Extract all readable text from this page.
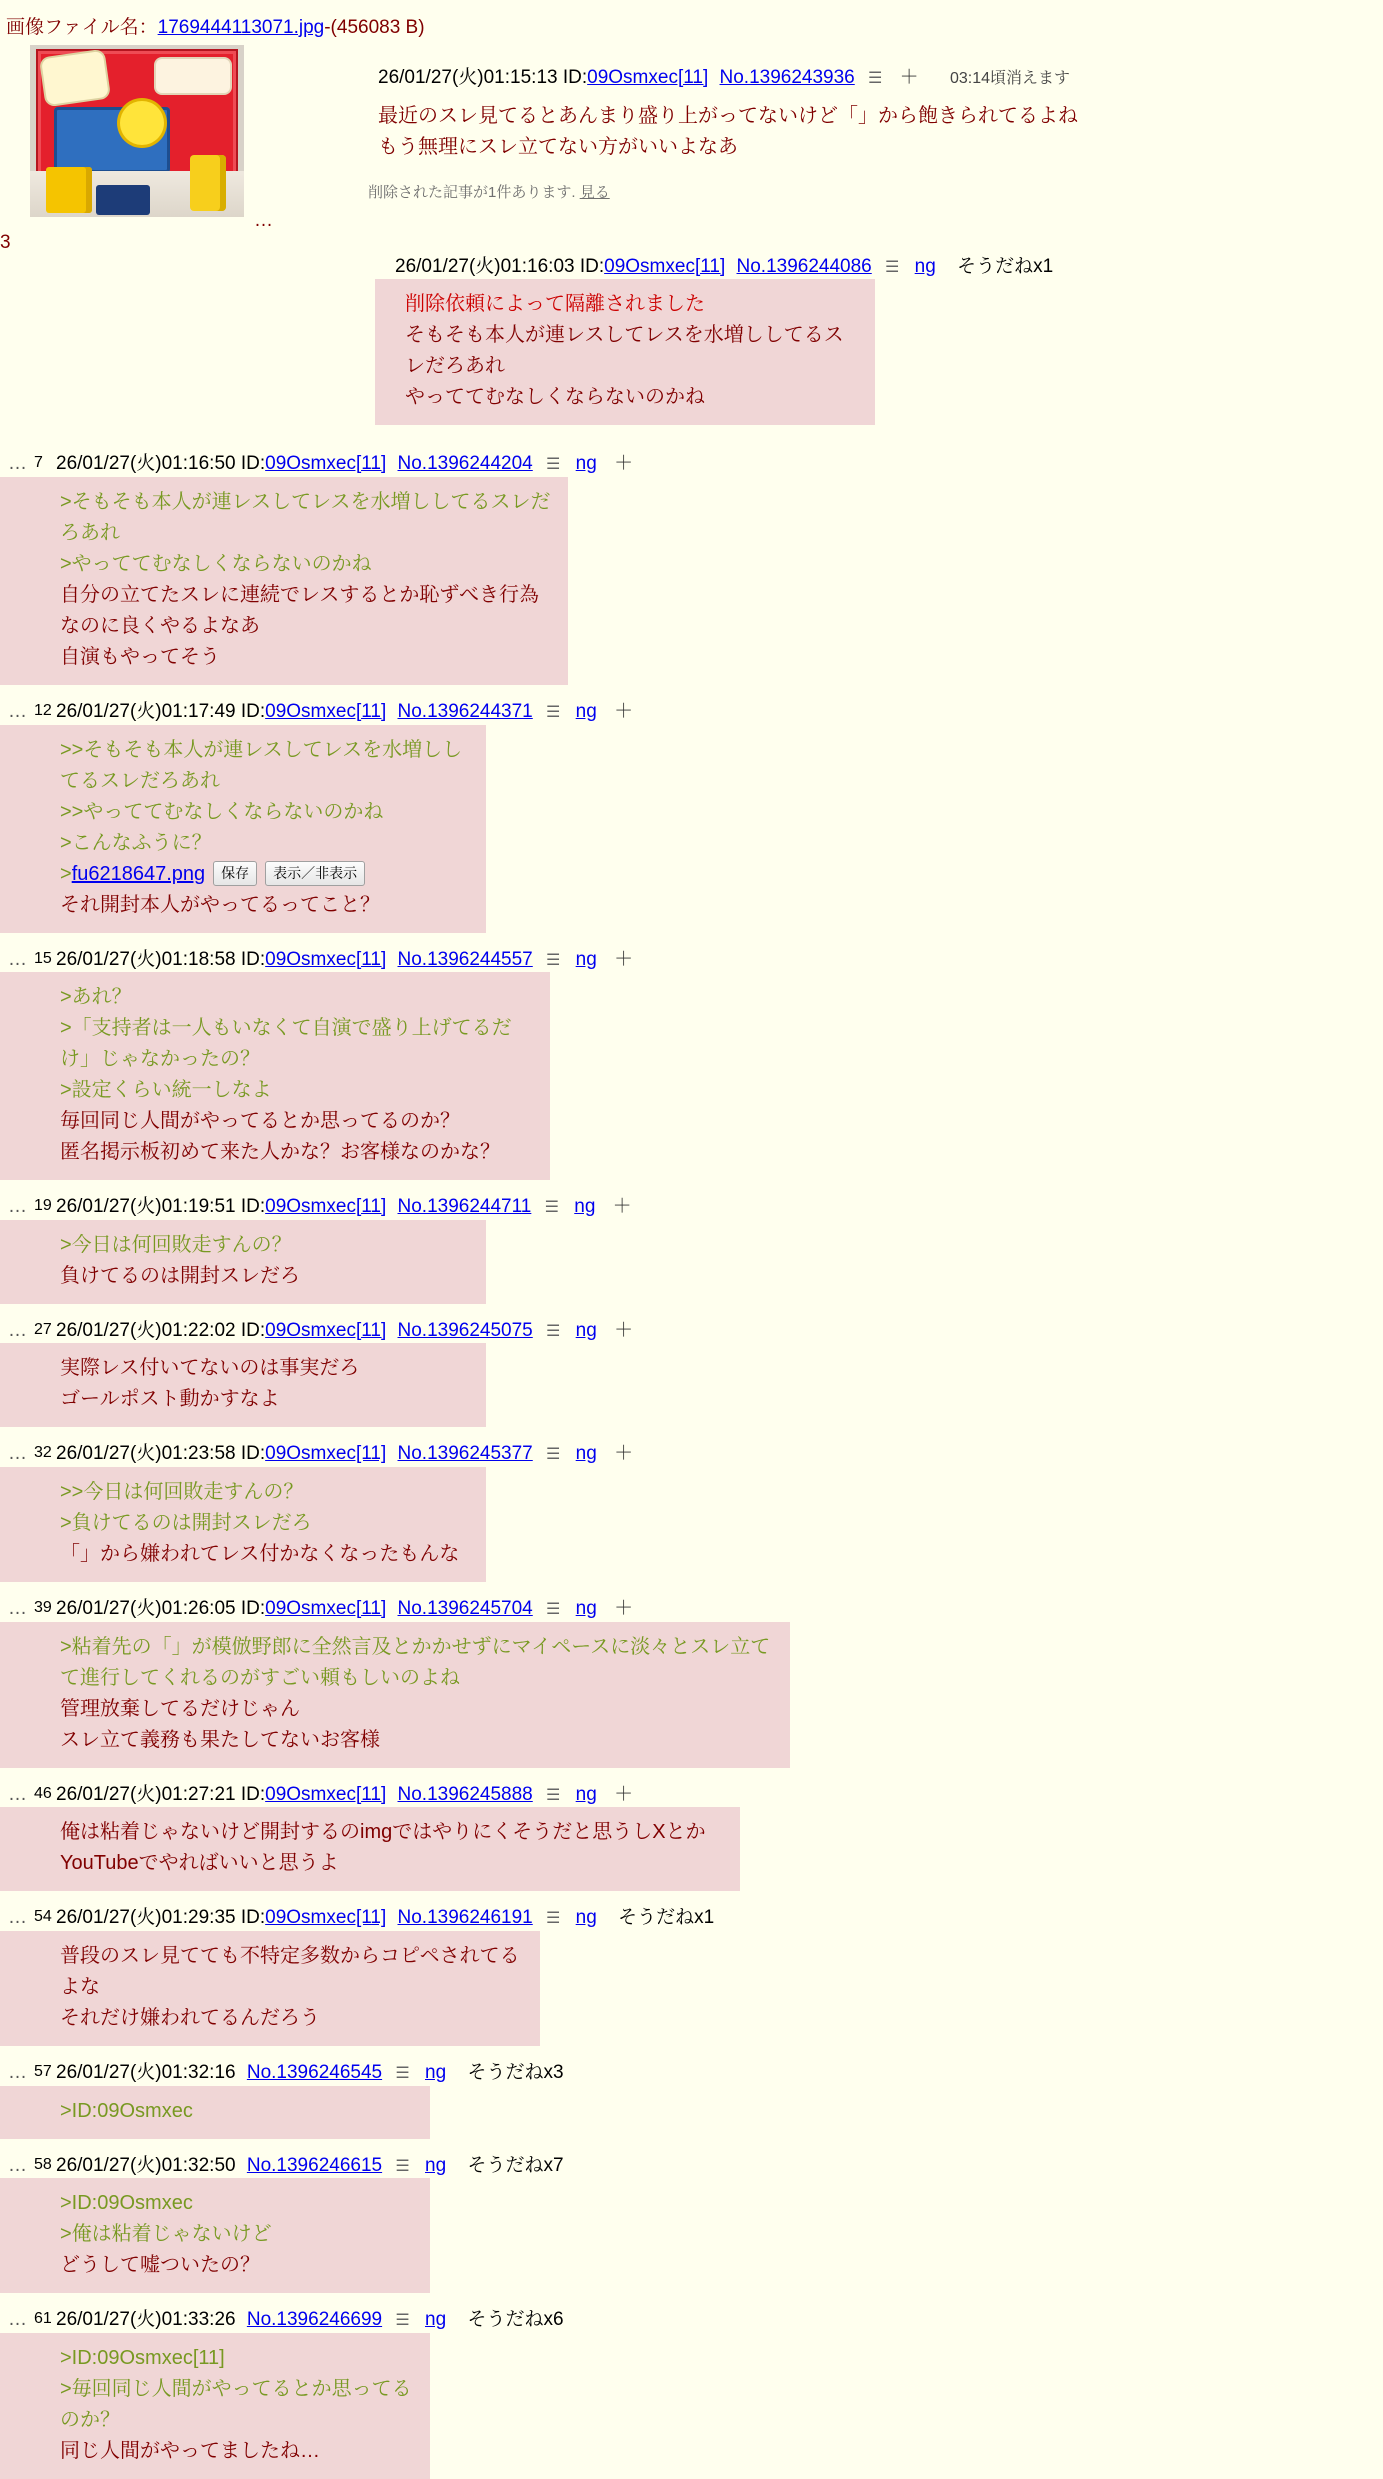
画像ファイル名：1769444113071.jpg-(456083 B)
26/01/27(火)01:15:13 ID:09Osmxec[11] No.1396243936 ☰ ＋ 03:14頃消えます
最近のスレ見てるとあんまり盛り上がってないけど「」から飽きられてるよね
もう無理にスレ立てない方がいいよなあ
削除された記事が1件あります. 見る
…
3
26/01/27(火)01:16:03 ID:09Osmxec[11] No.1396244086 ☰ ng そうだねx1
削除依頼によって隔離されました
そもそも本人が連レスしてレスを水増ししてるスレだろあれ
やっててむなしくならないのかね
… 7 26/01/27(火)01:16:50 ID:09Osmxec[11] No.1396244204 ☰ ng ＋
>そもそも本人が連レスしてレスを水増ししてるスレだろあれ
>やっててむなしくならないのかね
自分の立てたスレに連続でレスするとか恥ずべき行為なのに良くやるよなあ
自演もやってそう
… 12 26/01/27(火)01:17:49 ID:09Osmxec[11] No.1396244371 ☰ ng ＋
>>そもそも本人が連レスしてレスを水増ししてるスレだろあれ
>>やっててむなしくならないのかね
>こんなふうに？
>fu6218647.png 保存 表示／非表示
それ開封本人がやってるってこと？
… 15 26/01/27(火)01:18:58 ID:09Osmxec[11] No.1396244557 ☰ ng ＋
>あれ？
>「支持者は一人もいなくて自演で盛り上げてるだけ」じゃなかったの？
>設定くらい統一しなよ
毎回同じ人間がやってるとか思ってるのか？
匿名掲示板初めて来た人かな？お客様なのかな？
… 19 26/01/27(火)01:19:51 ID:09Osmxec[11] No.1396244711 ☰ ng ＋
>今日は何回敗走すんの？
負けてるのは開封スレだろ
… 27 26/01/27(火)01:22:02 ID:09Osmxec[11] No.1396245075 ☰ ng ＋
実際レス付いてないのは事実だろ
ゴールポスト動かすなよ
… 32 26/01/27(火)01:23:58 ID:09Osmxec[11] No.1396245377 ☰ ng ＋
>>今日は何回敗走すんの？
>負けてるのは開封スレだろ
「」から嫌われてレス付かなくなったもんな
… 39 26/01/27(火)01:26:05 ID:09Osmxec[11] No.1396245704 ☰ ng ＋
>粘着先の「」が模倣野郎に全然言及とかかせずにマイペースに淡々とスレ立てて進行してくれるのがすごい頼もしいのよね
管理放棄してるだけじゃん
スレ立て義務も果たしてないお客様
… 46 26/01/27(火)01:27:21 ID:09Osmxec[11] No.1396245888 ☰ ng ＋
俺は粘着じゃないけど開封するのimgではやりにくそうだと思うしXとかYouTubeでやればいいと思うよ
… 54 26/01/27(火)01:29:35 ID:09Osmxec[11] No.1396246191 ☰ ng そうだねx1
普段のスレ見てても不特定多数からコピペされてるよな
それだけ嫌われてるんだろう
… 57 26/01/27(火)01:32:16 No.1396246545 ☰ ng そうだねx3
>ID:09Osmxec
… 58 26/01/27(火)01:32:50 No.1396246615 ☰ ng そうだねx7
>ID:09Osmxec
>俺は粘着じゃないけど
どうして嘘ついたの？
… 61 26/01/27(火)01:33:26 No.1396246699 ☰ ng そうだねx6
>ID:09Osmxec[11]
>毎回同じ人間がやってるとか思ってるのか？
同じ人間がやってましたね…
